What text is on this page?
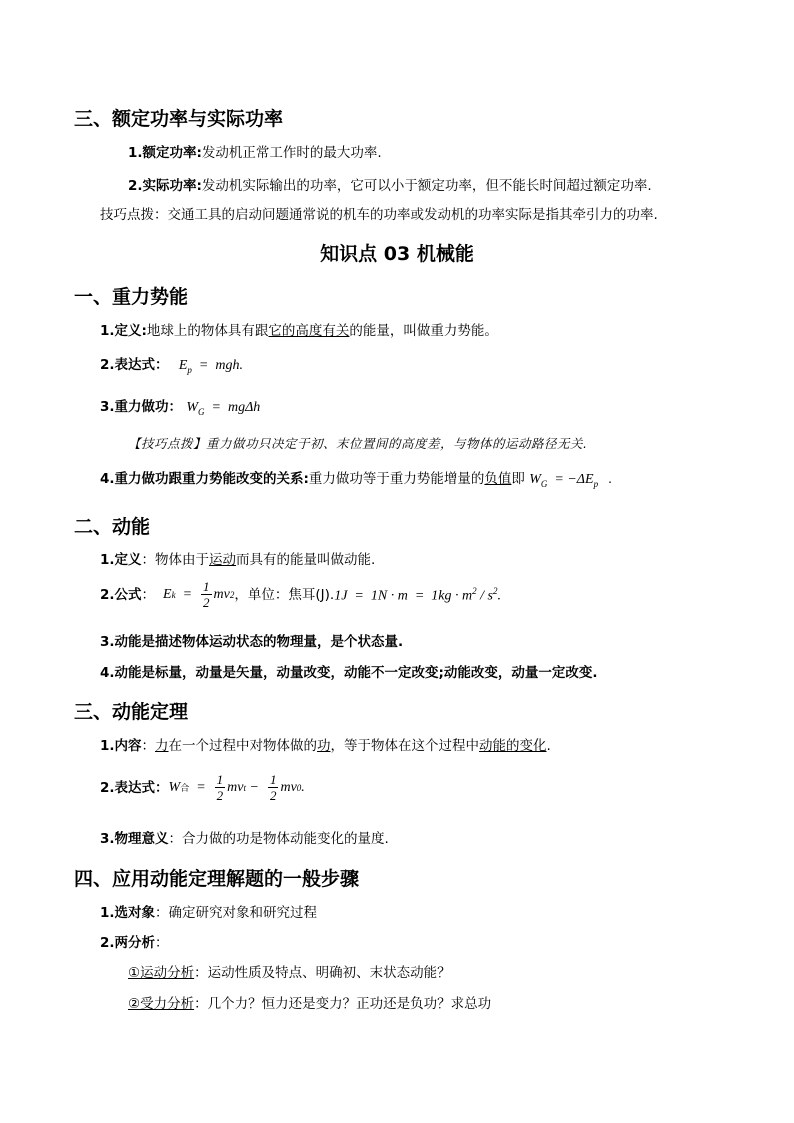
三、额定功率与实际功率
1.额定功率:发动机正常工作时的最大功率.
2.实际功率:发动机实际输出的功率，它可以小于额定功率，但不能长时间超过额定功率.
技巧点拨：交通工具的启动问题通常说的机车的功率或发动机的功率实际是指其牵引力的功率.
知识点 03 机械能
一、重力势能
1.定义:地球上的物体具有跟它的高度有关的能量，叫做重力势能。
2.表达式： $E_p$  =  mgh.
3.重力做功： $W_G = mg\Delta h$
【技巧点拨】重力做功只决定于初、末位置间的高度差，与物体的运动路径无关.
4.重力做功跟重力势能改变的关系:重力做功等于重力势能增量的负值即 $W_G = -\Delta E_p$   .
二、动能
1.定义：物体由于运动而具有的能量叫做动能.
2.公式 ： E $k = \frac{1}{2}$ mv 2 ，单位：焦耳(J). $1J = 1N \cdot m = 1kg \cdot m^2 / s^2$.
3.动能是描述物体运动状态的物理量，是个状态量.
4.动能是标量，动量是矢量，动量改变，动能不一定改变;动能改变，动量一定改变.
三、动能定理
1.内容：力在一个过程中对物体做的功，等于物体在这个过程中动能的变化.
2.表达式： W 合 = $\frac{1}{2}$ mv $t - \frac{1}{2}$ mv 0 .
3.物理意义：合力做的功是物体动能变化的量度.
四、应用动能定理解题的一般步骤
1.选对象：确定研究对象和研究过程
2.两分析：
①运动分析：运动性质及特点、明确初、末状态动能？
②受力分析：几个力？恒力还是变力？正功还是负功？求总功
